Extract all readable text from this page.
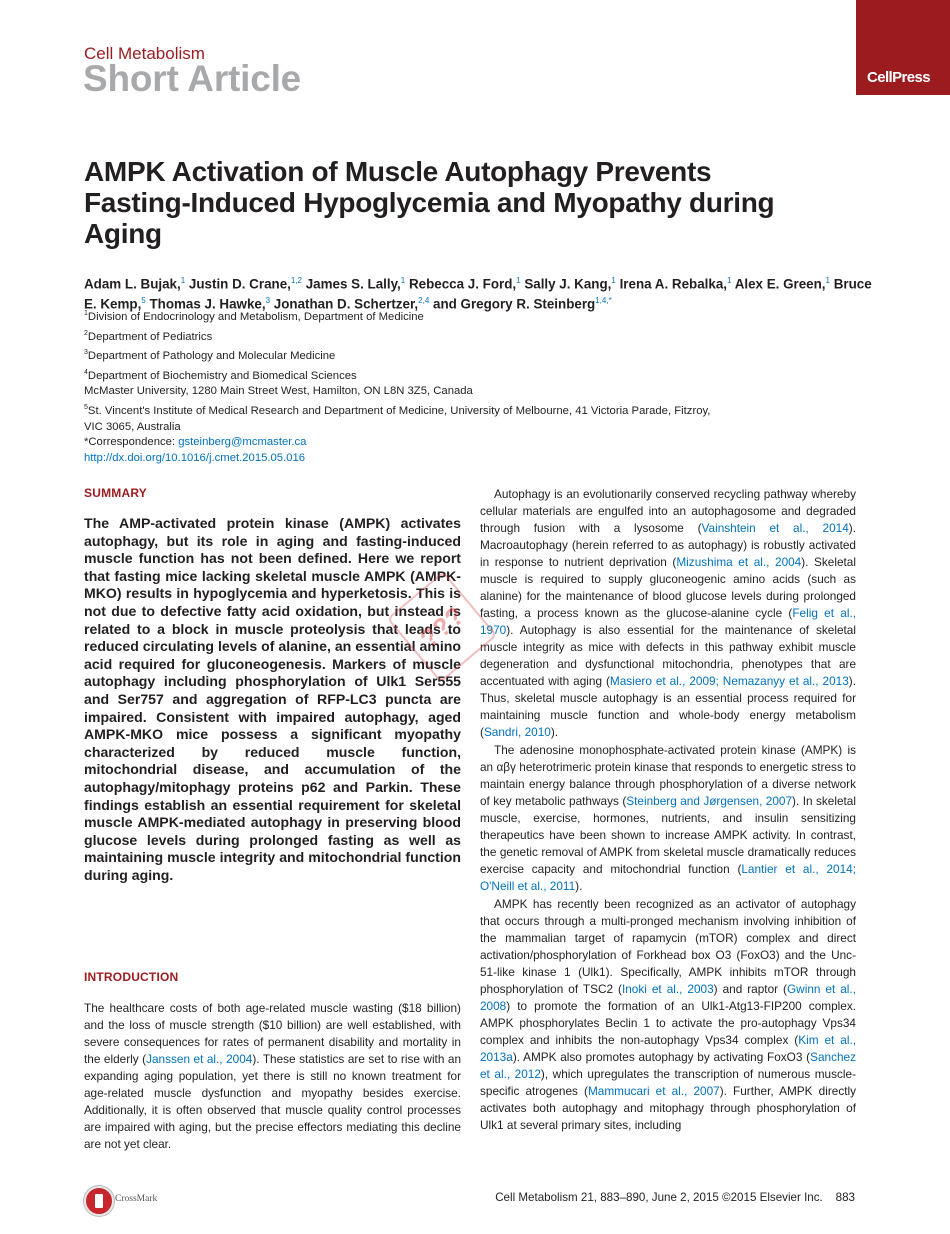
Cell Metabolism
Short Article	CellPress
AMPK Activation of Muscle Autophagy Prevents Fasting-Induced Hypoglycemia and Myopathy during Aging
Adam L. Bujak,$^1$ Justin D. Crane,$^{1,2}$ James S. Lally,$^1$ Rebecca J. Ford,$^1$ Sally J. Kang,$^1$ Irena A. Rebalka,$^1$ Alex E. Green,$^1$ Bruce E. Kemp,$^5$ Thomas J. Hawke,$^3$ Jonathan D. Schertzer,$^{2,4}$ and Gregory R. Steinberg$^{1,4,*}$
$^1$Division of Endocrinology and Metabolism, Department of Medicine
$^2$Department of Pediatrics
$^3$Department of Pathology and Molecular Medicine
$^4$Department of Biochemistry and Biomedical Sciences
McMaster University, 1280 Main Street West, Hamilton, ON L8N 3Z5, Canada
$^5$St. Vincent's Institute of Medical Research and Department of Medicine, University of Melbourne, 41 Victoria Parade, Fitzroy,
VIC 3065, Australia
*Correspondence: gsteinberg@mcmaster.ca
http://dx.doi.org/10.1016/j.cmet.2015.05.016
SUMMARY
The AMP-activated protein kinase (AMPK) activates autophagy, but its role in aging and fasting-induced muscle function has not been defined. Here we report that fasting mice lacking skeletal muscle AMPK (AMPK-MKO) results in hypoglycemia and hyperketosis. This is not due to defective fatty acid oxidation, but instead is related to a block in muscle proteolysis that leads to reduced circulating levels of alanine, an essential amino acid required for gluconeogenesis. Markers of muscle autophagy including phosphorylation of Ulk1 Ser555 and Ser757 and aggregation of RFP-LC3 puncta are impaired. Consistent with impaired autophagy, aged AMPK-MKO mice possess a significant myopathy characterized by reduced muscle function, mitochondrial disease, and accumulation of the autophagy/mitophagy proteins p62 and Parkin. These findings establish an essential requirement for skeletal muscle AMPK-mediated autophagy in preserving blood glucose levels during prolonged fasting as well as maintaining muscle integrity and mitochondrial function during aging.
INTRODUCTION
The healthcare costs of both age-related muscle wasting ($18 billion) and the loss of muscle strength ($10 billion) are well established, with severe consequences for rates of permanent disability and mortality in the elderly (Janssen et al., 2004). These statistics are set to rise with an expanding aging population, yet there is still no known treatment for age-related muscle dysfunction and myopathy besides exercise. Additionally, it is often observed that muscle quality control processes are impaired with aging, but the precise effectors mediating this decline are not yet clear.

Autophagy is an evolutionarily conserved recycling pathway whereby cellular materials are engulfed into an autophagosome and degraded through fusion with a lysosome (Vainshtein et al., 2014). Macroautophagy (herein referred to as autophagy) is robustly activated in response to nutrient deprivation (Mizushima et al., 2004). Skeletal muscle is required to supply gluconeogenic amino acids (such as alanine) for the maintenance of blood glucose levels during prolonged fasting, a process known as the glucose-alanine cycle (Felig et al., 1970). Autophagy is also essential for the maintenance of skeletal muscle integrity as mice with defects in this pathway exhibit muscle degeneration and dysfunctional mitochondria, phenotypes that are accentuated with aging (Masiero et al., 2009; Nemazanyy et al., 2013). Thus, skeletal muscle autophagy is an essential process required for maintaining muscle function and whole-body energy metabolism (Sandri, 2010).

The adenosine monophosphate-activated protein kinase (AMPK) is an αβγ heterotrimeric protein kinase that responds to energetic stress to maintain energy balance through phosphorylation of a diverse network of key metabolic pathways (Steinberg and Jørgensen, 2007). In skeletal muscle, exercise, hormones, nutrients, and insulin sensitizing therapeutics have been shown to increase AMPK activity. In contrast, the genetic removal of AMPK from skeletal muscle dramatically reduces exercise capacity and mitochondrial function (Lantier et al., 2014; O'Neill et al., 2011).

AMPK has recently been recognized as an activator of autophagy that occurs through a multi-pronged mechanism involving inhibition of the mammalian target of rapamycin (mTOR) complex and direct activation/phosphorylation of Forkhead box O3 (FoxO3) and the Unc-51-like kinase 1 (Ulk1). Specifically, AMPK inhibits mTOR through phosphorylation of TSC2 (Inoki et al., 2003) and raptor (Gwinn et al., 2008) to promote the formation of an Ulk1-Atg13-FIP200 complex. AMPK phosphorylates Beclin 1 to activate the pro-autophagy Vps34 complex and inhibits the non-autophagy Vps34 complex (Kim et al., 2013a). AMPK also promotes autophagy by activating FoxO3 (Sanchez et al., 2012), which upregulates the transcription of numerous muscle-specific atrogenes (Mammucari et al., 2007). Further, AMPK directly activates both autophagy and mitophagy through phosphorylation of Ulk1 at several primary sites, including

???
CrossMark	Cell Metabolism 21, 883–890, June 2, 2015 ©2015 Elsevier Inc. 883
